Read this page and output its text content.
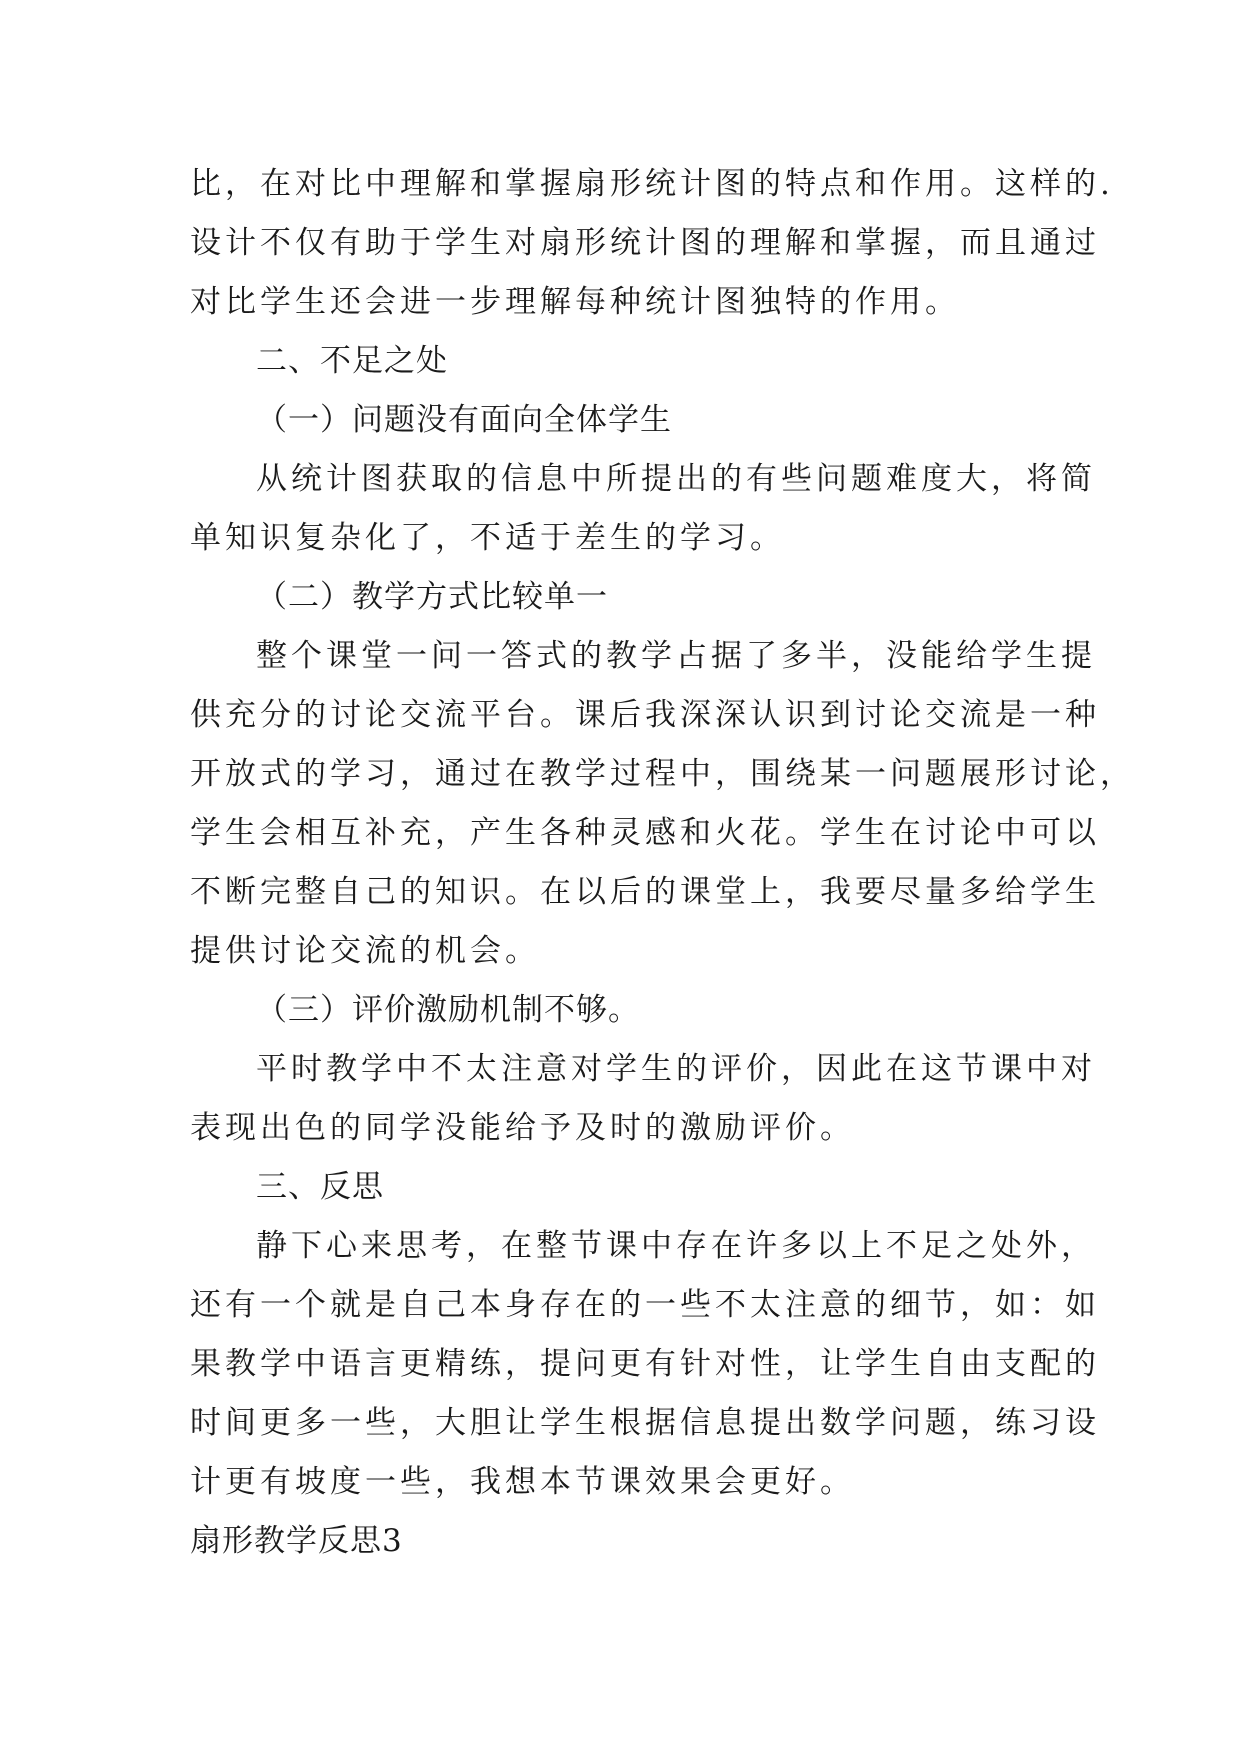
比，在对比中理解和掌握扇形统计图的特点和作用。这样的.
设计不仅有助于学生对扇形统计图的理解和掌握，而且通过
对比学生还会进一步理解每种统计图独特的作用。
二、不足之处
（一）问题没有面向全体学生
从统计图获取的信息中所提出的有些问题难度大，将简
单知识复杂化了，不适于差生的学习。
（二）教学方式比较单一
整个课堂一问一答式的教学占据了多半，没能给学生提
供充分的讨论交流平台。课后我深深认识到讨论交流是一种
开放式的学习，通过在教学过程中，围绕某一问题展形讨论，
学生会相互补充，产生各种灵感和火花。学生在讨论中可以
不断完整自己的知识。在以后的课堂上，我要尽量多给学生
提供讨论交流的机会。
（三）评价激励机制不够。
平时教学中不太注意对学生的评价，因此在这节课中对
表现出色的同学没能给予及时的激励评价。
三、反思
静下心来思考，在整节课中存在许多以上不足之处外，
还有一个就是自己本身存在的一些不太注意的细节，如：如
果教学中语言更精练，提问更有针对性，让学生自由支配的
时间更多一些，大胆让学生根据信息提出数学问题，练习设
计更有坡度一些，我想本节课效果会更好。
扇形教学反思3
